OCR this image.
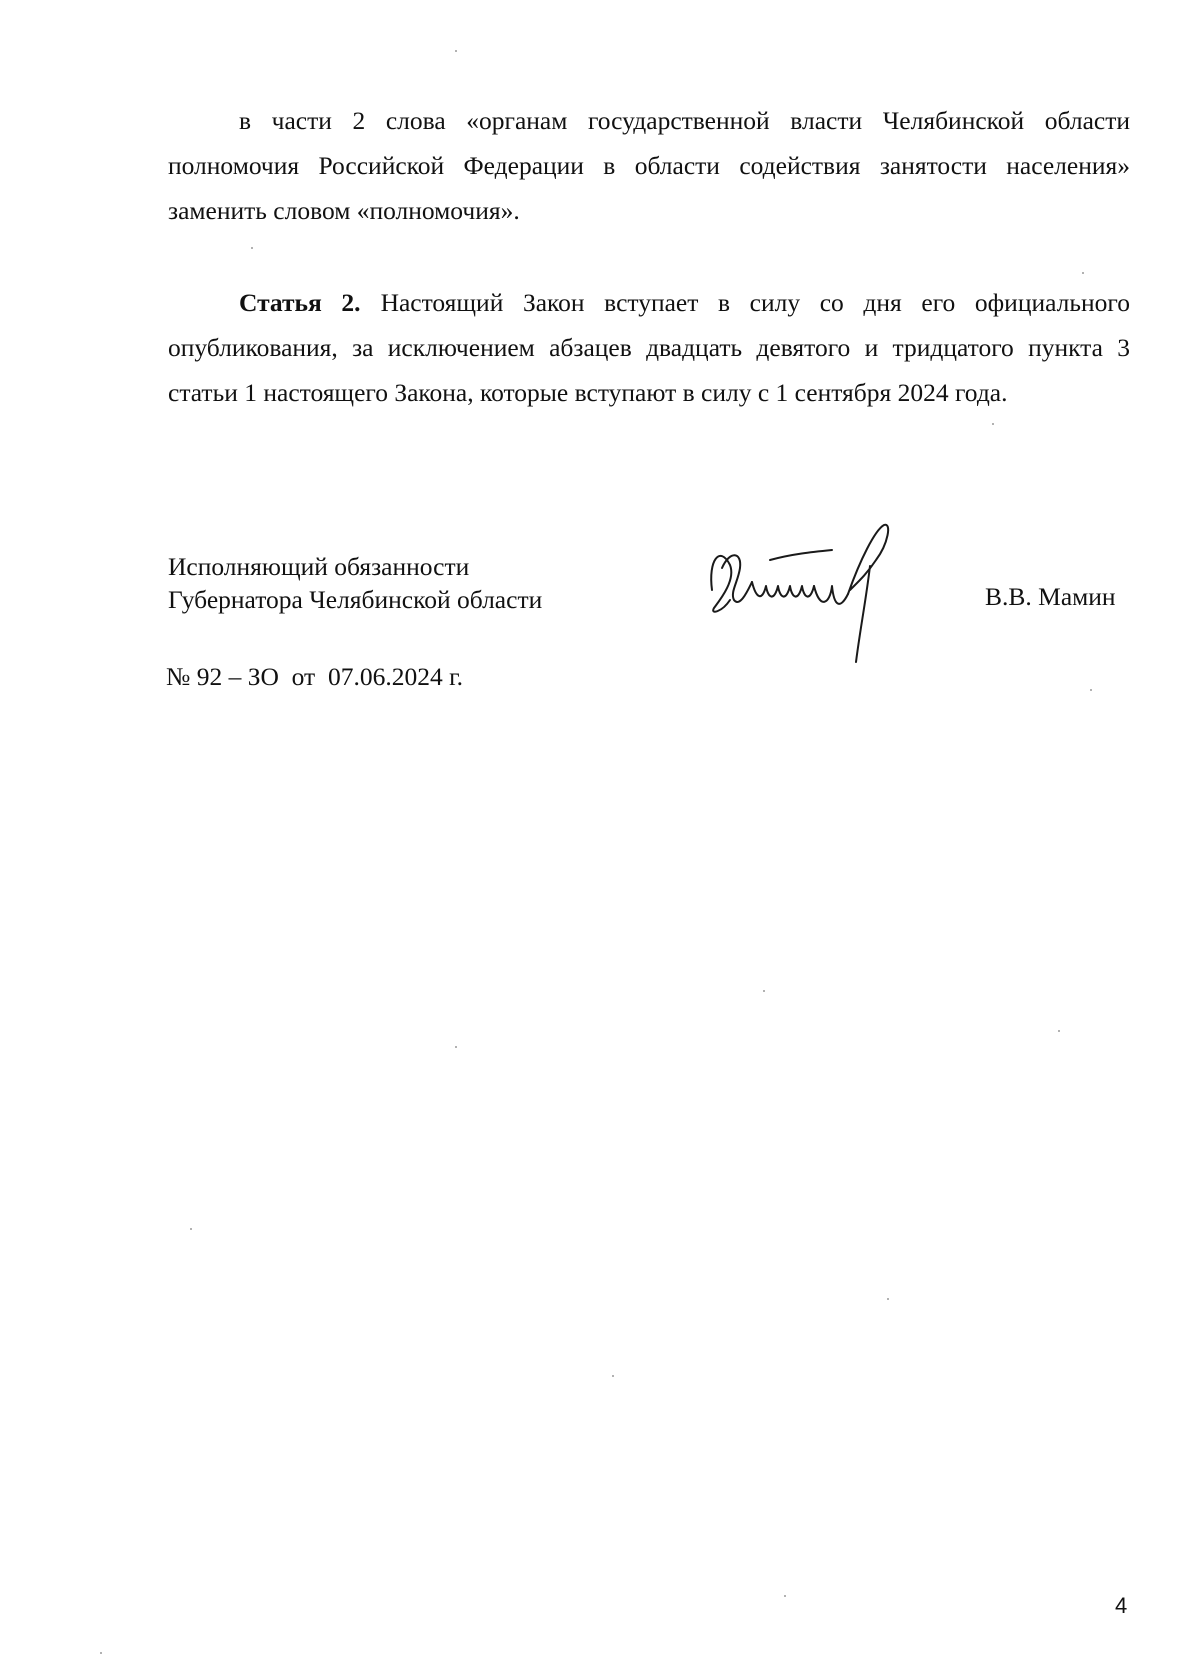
в части 2 слова «органам государственной власти Челябинской области полномочия Российской Федерации в области содействия занятости населения» заменить словом «полномочия».
Статья 2. Настоящий Закон вступает в силу со дня его официального опубликования, за исключением абзацев двадцать девятого и тридцатого пункта 3 статьи 1 настоящего Закона, которые вступают в силу с 1 сентября 2024 года.
Исполняющий обязанности
Губернатора Челябинской области	В.В. Мамин
№ 92 – ЗО  от  07.06.2024 г.
4
